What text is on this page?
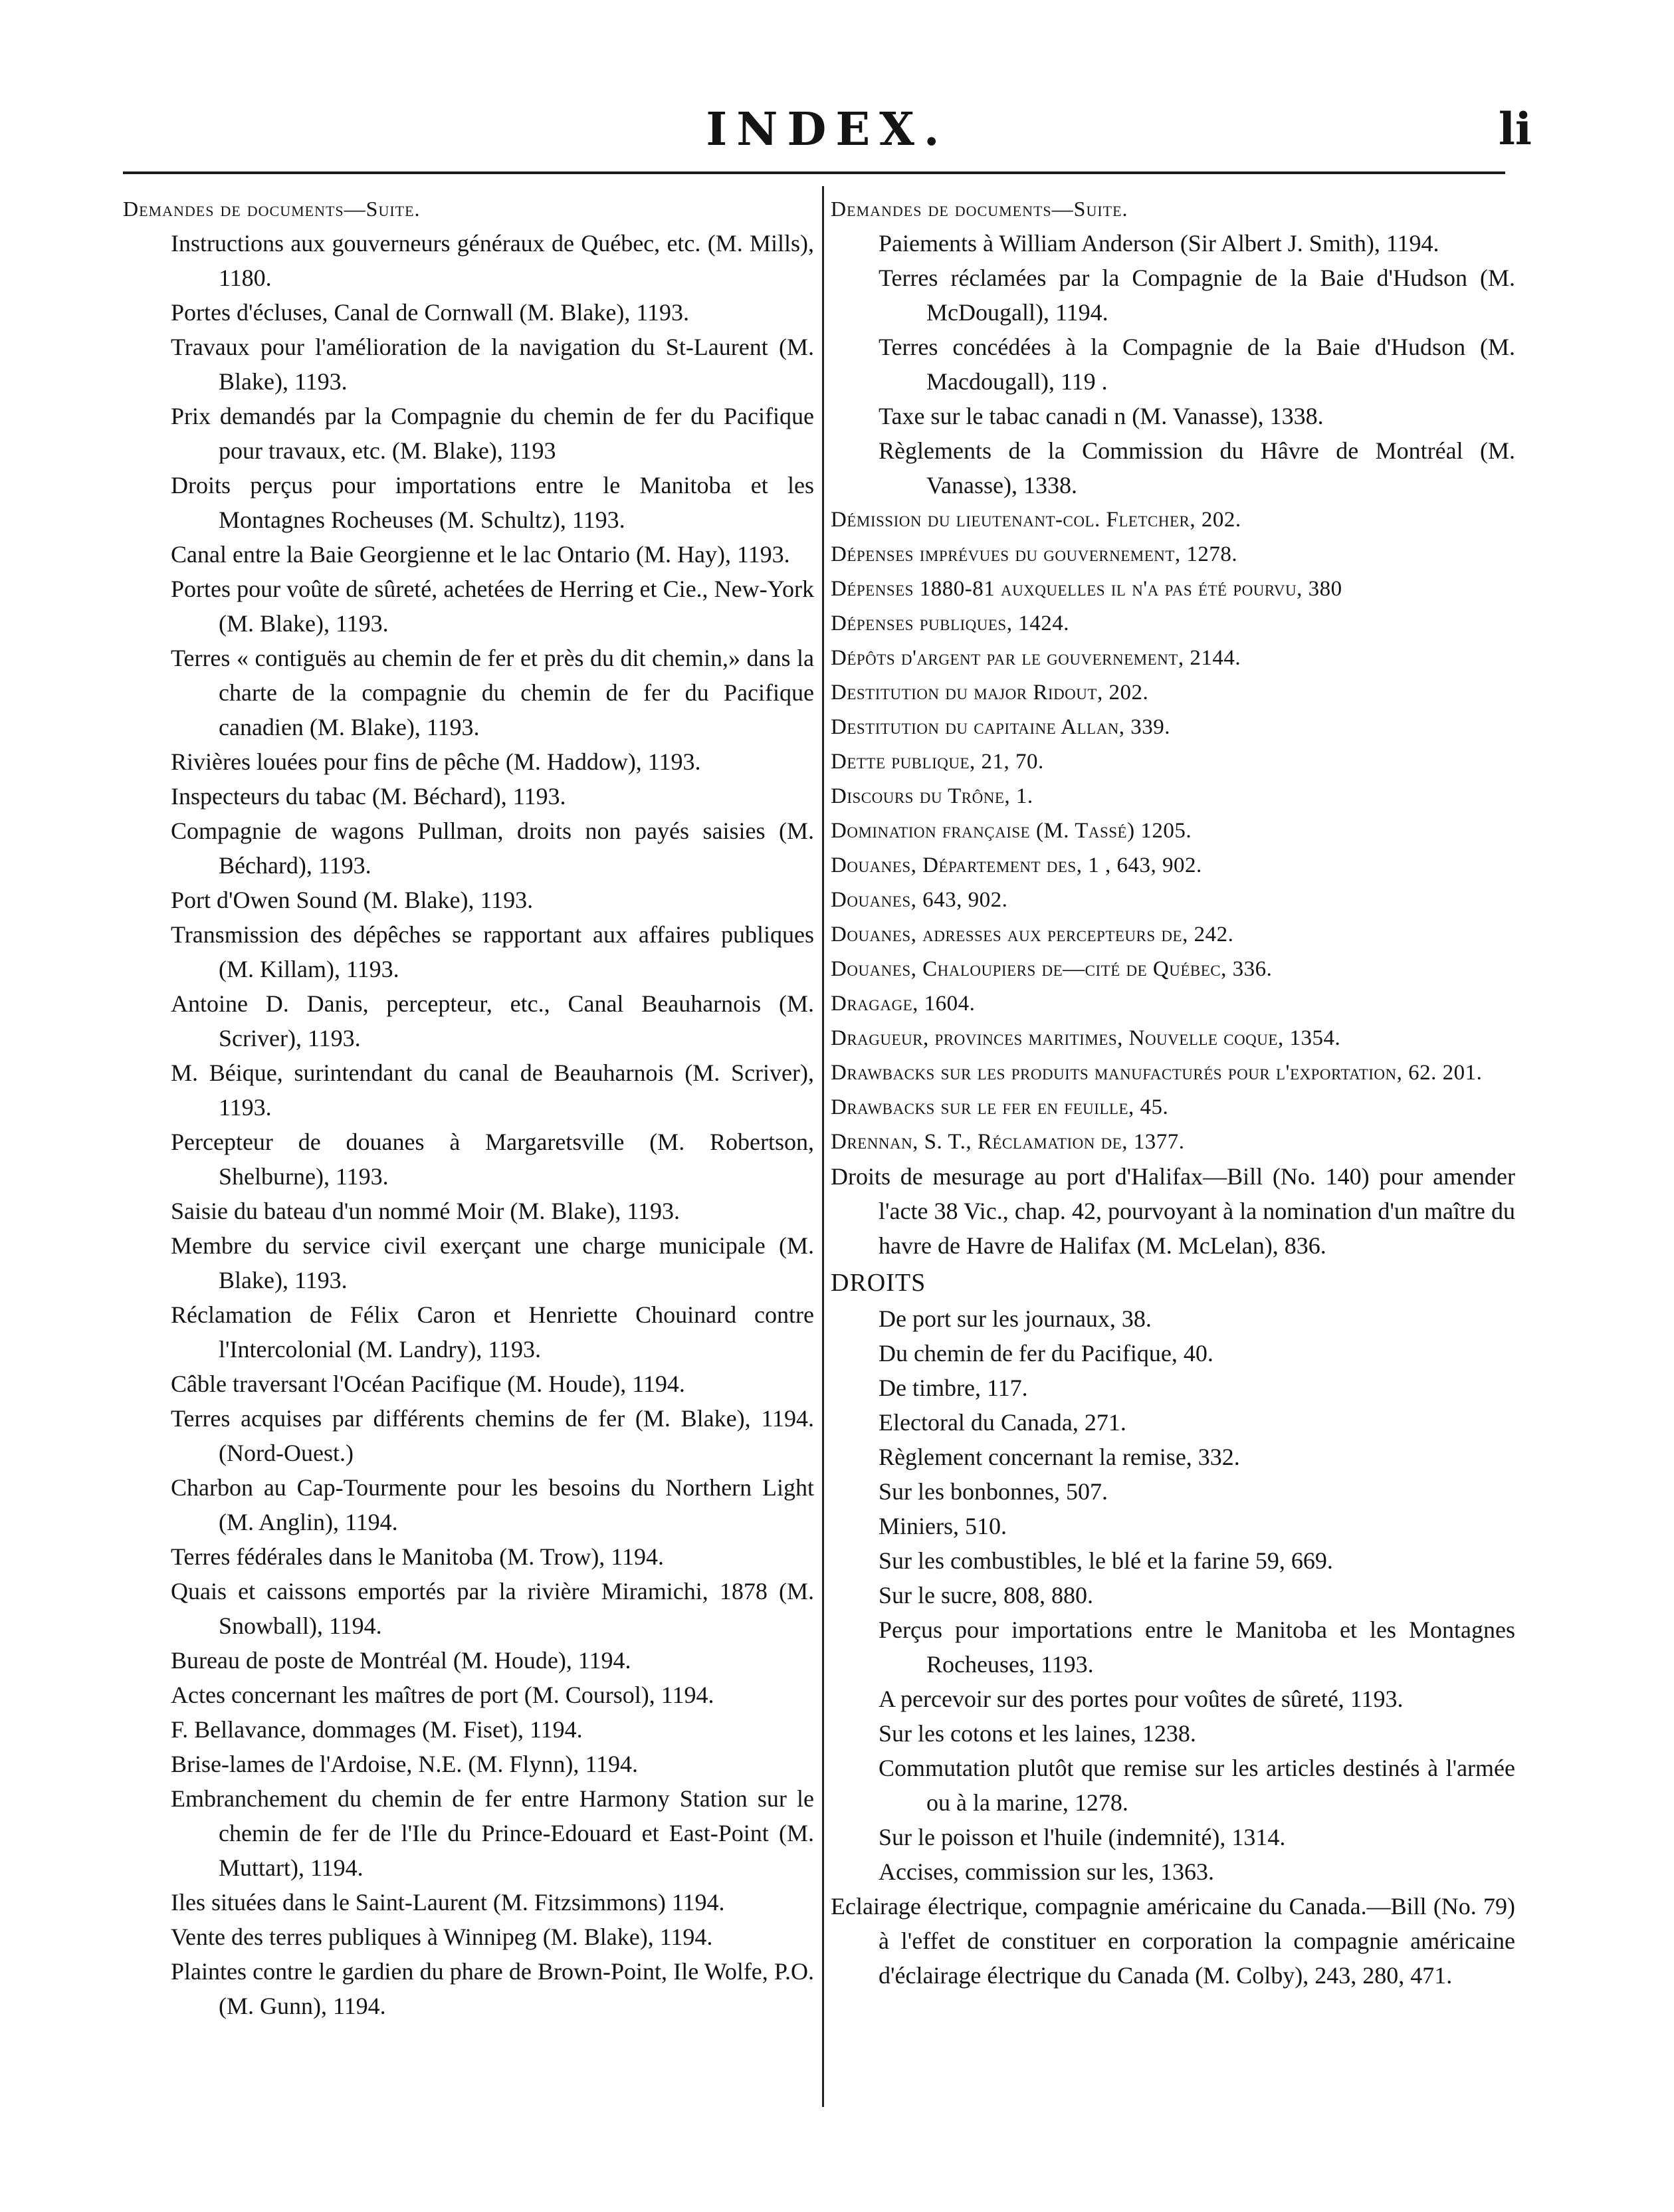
INDEX.	li
Demandes de documents—Suite.
Instructions aux gouverneurs généraux de Québec, etc. (M. Mills), 1180.
Portes d'écluses, Canal de Cornwall (M. Blake), 1193.
Travaux pour l'amélioration de la navigation du St-Laurent (M. Blake), 1193.
Prix demandés par la Compagnie du chemin de fer du Pacifique pour travaux, etc. (M. Blake), 1193
Droits perçus pour importations entre le Manitoba et les Montagnes Rocheuses (M. Schultz), 1193.
Canal entre la Baie Georgienne et le lac Ontario (M. Hay), 1193.
Portes pour voûte de sûreté, achetées de Herring et Cie., New-York (M. Blake), 1193.
Terres « contiguës au chemin de fer et près du dit chemin,» dans la charte de la compagnie du chemin de fer du Pacifique canadien (M. Blake), 1193.
Rivières louées pour fins de pêche (M. Haddow), 1193.
Inspecteurs du tabac (M. Béchard), 1193.
Compagnie de wagons Pullman, droits non payés saisies (M. Béchard), 1193.
Port d'Owen Sound (M. Blake), 1193.
Transmission des dépêches se rapportant aux affaires publiques (M. Killam), 1193.
Antoine D. Danis, percepteur, etc., Canal Beauharnois (M. Scriver), 1193.
M. Béique, surintendant du canal de Beauharnois (M. Scriver), 1193.
Percepteur de douanes à Margaretsville (M. Robertson, Shelburne), 1193.
Saisie du bateau d'un nommé Moir (M. Blake), 1193.
Membre du service civil exerçant une charge municipale (M. Blake), 1193.
Réclamation de Félix Caron et Henriette Chouinard contre l'Intercolonial (M. Landry), 1193.
Câble traversant l'Océan Pacifique (M. Houde), 1194.
Terres acquises par différents chemins de fer (M. Blake), 1194. (Nord-Ouest.)
Charbon au Cap-Tourmente pour les besoins du Northern Light (M. Anglin), 1194.
Terres fédérales dans le Manitoba (M. Trow), 1194.
Quais et caissons emportés par la rivière Miramichi, 1878 (M. Snowball), 1194.
Bureau de poste de Montréal (M. Houde), 1194.
Actes concernant les maîtres de port (M. Coursol), 1194.
F. Bellavance, dommages (M. Fiset), 1194.
Brise-lames de l'Ardoise, N.E. (M. Flynn), 1194.
Embranchement du chemin de fer entre Harmony Station sur le chemin de fer de l'Ile du Prince-Edouard et East-Point (M. Muttart), 1194.
Iles situées dans le Saint-Laurent (M. Fitzsimmons) 1194.
Vente des terres publiques à Winnipeg (M. Blake), 1194.
Plaintes contre le gardien du phare de Brown-Point, Ile Wolfe, P.O. (M. Gunn), 1194.
Demandes de documents—Suite.
Paiements à William Anderson (Sir Albert J. Smith), 1194.
Terres réclamées par la Compagnie de la Baie d'Hudson (M. McDougall), 1194.
Terres concédées à la Compagnie de la Baie d'Hudson (M. Macdougall), 119 .
Taxe sur le tabac canadi n (M. Vanasse), 1338.
Règlements de la Commission du Hâvre de Montréal (M. Vanasse), 1338.
Démission du lieutenant-col. Fletcher, 202.
Dépenses imprévues du gouvernement, 1278.
Dépenses 1880-81 auxquelles il n'a pas été pourvu, 380
Dépenses publiques, 1424.
Dépôts d'argent par le gouvernement, 2144.
Destitution du major Ridout, 202.
Destitution du capitaine Allan, 339.
Dette publique, 21, 70.
Discours du Trône, 1.
Domination française (M. Tassé) 1205.
Douanes, Département des, 1 , 643, 902.
Douanes, 643, 902.
Douanes, adresses aux percepteurs de, 242.
Douanes, Chaloupiers de—cité de Québec, 336.
Dragage, 1604.
Dragueur, provinces maritimes, Nouvelle coque, 1354.
Drawbacks sur les produits manufacturés pour l'exportation, 62. 201.
Drawbacks sur le fer en feuille, 45.
Drennan, S. T., Réclamation de, 1377.
Droits de mesurage au port d'Halifax—Bill (No. 140) pour amender l'acte 38 Vic., chap. 42, pourvoyant à la nomination d'un maître du havre de Havre de Halifax (M. McLelan), 836.
DROITS
De port sur les journaux, 38.
Du chemin de fer du Pacifique, 40.
De timbre, 117.
Electoral du Canada, 271.
Règlement concernant la remise, 332.
Sur les bonbonnes, 507.
Miniers, 510.
Sur les combustibles, le blé et la farine 59, 669.
Sur le sucre, 808, 880.
Perçus pour importations entre le Manitoba et les Montagnes Rocheuses, 1193.
A percevoir sur des portes pour voûtes de sûreté, 1193.
Sur les cotons et les laines, 1238.
Commutation plutôt que remise sur les articles destinés à l'armée ou à la marine, 1278.
Sur le poisson et l'huile (indemnité), 1314.
Accises, commission sur les, 1363.
Eclairage électrique, compagnie américaine du Canada.—Bill (No. 79) à l'effet de constituer en corporation la compagnie américaine d'éclairage électrique du Canada (M. Colby), 243, 280, 471.
